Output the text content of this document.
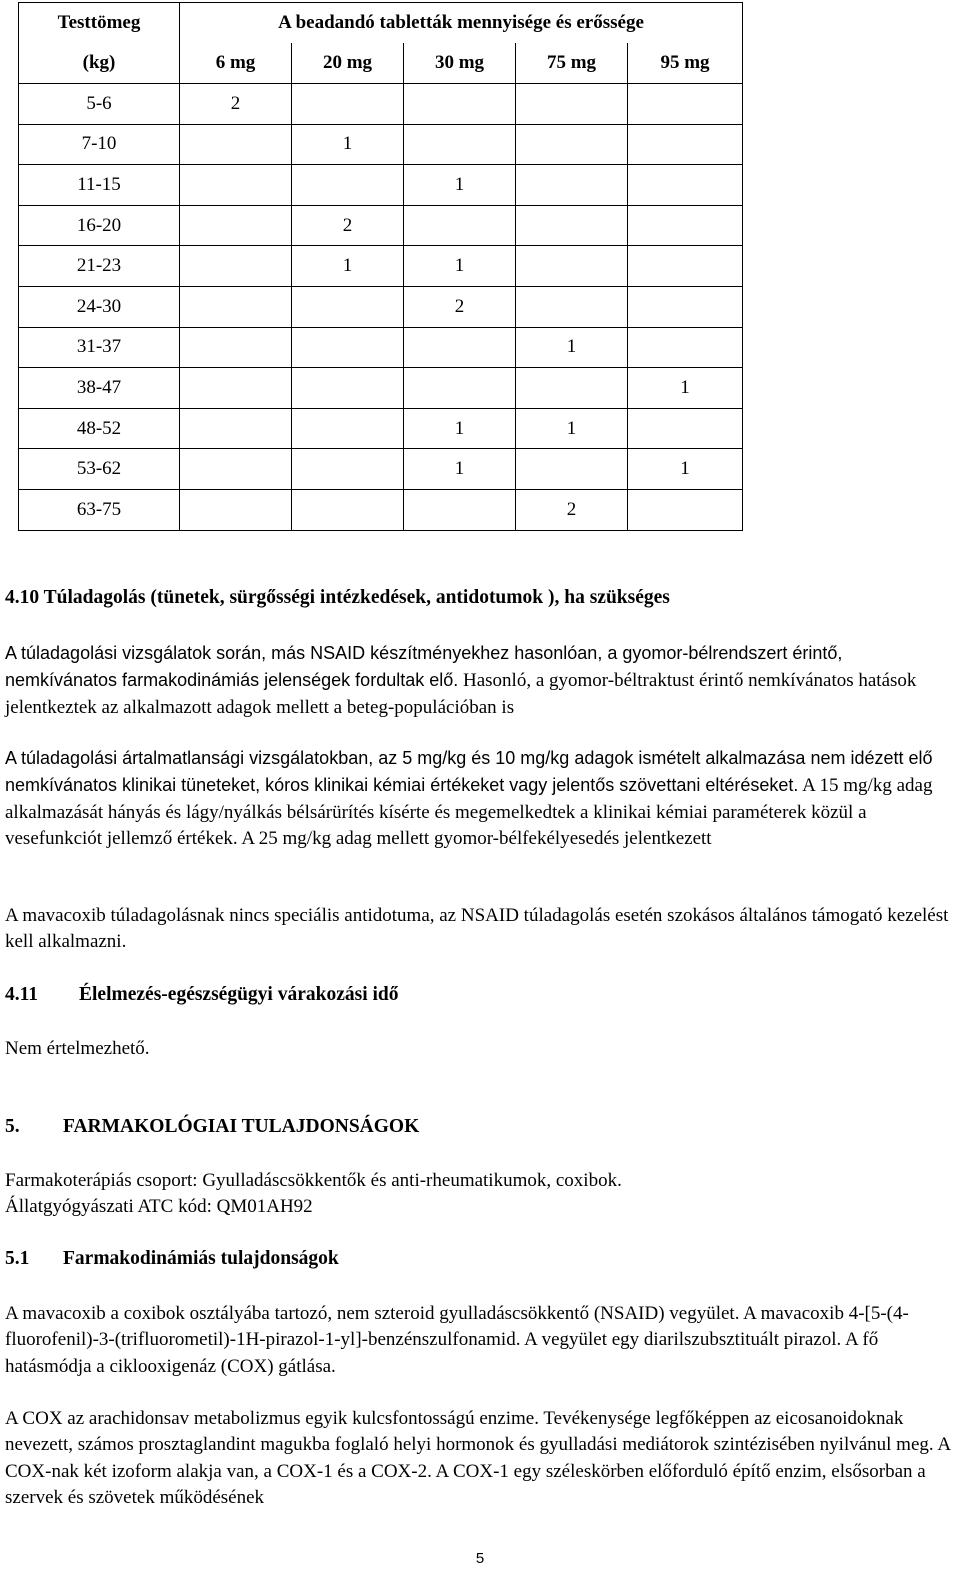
Testtömeg	A beadandó tabletták mennyisége és erőssége				
(kg)	6 mg	20 mg	30 mg	75 mg	95 mg
5-6	2				
7-10		1			
11-15			1		
16-20		2			
21-23		1	1		
24-30			2		
31-37				1	
38-47					1
48-52			1	1	
53-62			1		1
63-75				2	
4.10 Túladagolás (tünetek, sürgősségi intézkedések, antidotumok ), ha szükséges

A túladagolási vizsgálatok során, más NSAID készítményekhez hasonlóan, a gyomor-bélrendszert érintő, nemkívánatos farmakodinámiás jelenségek fordultak elő. Hasonló, a gyomor-béltraktust érintő nemkívánatos hatások jelentkeztek az alkalmazott adagok mellett a beteg-populációban is

A túladagolási ártalmatlansági vizsgálatokban, az 5 mg/kg és 10 mg/kg adagok ismételt alkalmazása nem idézett elő nemkívánatos klinikai tüneteket, kóros klinikai kémiai értékeket vagy jelentős szövettani eltéréseket. A 15 mg/kg adag alkalmazását hányás és lágy/nyálkás bélsárürítés kísérte és megemelkedtek a klinikai kémiai paraméterek közül a vesefunkciót jellemző értékek. A 25 mg/kg adag mellett gyomor-bélfekélyesedés jelentkezett

A mavacoxib túladagolásnak nincs speciális antidotuma, az NSAID túladagolás esetén szokásos általános támogató kezelést kell alkalmazni.

4.11 Élelmezés-egészségügyi várakozási idő

Nem értelmezhető.

5. FARMAKOLÓGIAI TULAJDONSÁGOK

Farmakoterápiás csoport: Gyulladáscsökkentők és anti-rheumatikumok, coxibok.
Állatgyógyászati ATC kód: QM01AH92

5.1 Farmakodinámiás tulajdonságok

A mavacoxib a coxibok osztályába tartozó, nem szteroid gyulladáscsökkentő (NSAID) vegyület. A mavacoxib 4-[5-(4-fluorofenil)-3-(trifluorometil)-1H-pirazol-1-yl]-benzénszulfonamid. A vegyület egy diarilszubsztituált pirazol. A fő hatásmódja a ciklooxigenáz (COX) gátlása.

A COX az arachidonsav metabolizmus egyik kulcsfontosságú enzime. Tevékenysége legfőképpen az eicosanoidoknak nevezett, számos prosztaglandint magukba foglaló helyi hormonok és gyulladási mediátorok szintézisében nyilvánul meg. A COX-nak két izoform alakja van, a COX-1 és a COX-2. A COX-1 egy széleskörben előforduló építő enzim, elsősorban a szervek és szövetek működésének

5
